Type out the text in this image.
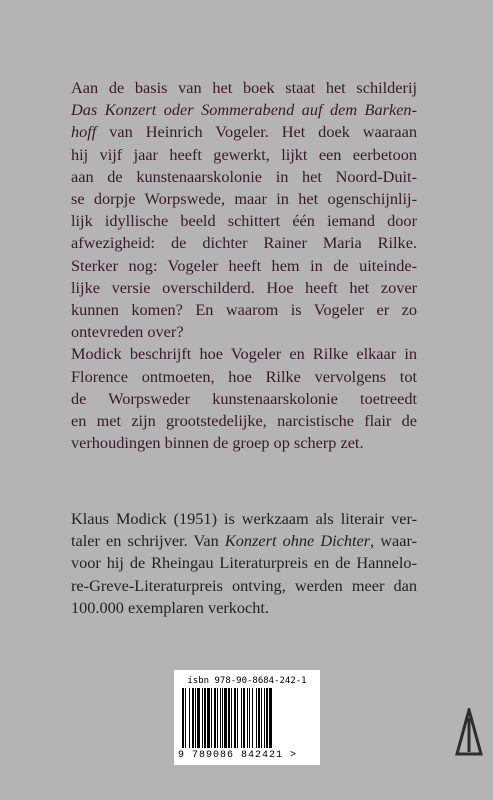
Aan de basis van het boek staat het schilderij
Das Konzert oder Sommerabend auf dem Barken-
hoff van Heinrich Vogeler. Het doek waaraan
hij vijf jaar heeft gewerkt, lijkt een eerbetoon
aan de kunstenaarskolonie in het Noord-Duit-
se dorpje Worpswede, maar in het ogenschijnlij-
lijk idyllische beeld schittert één iemand door
afwezigheid: de dichter Rainer Maria Rilke.
Sterker nog: Vogeler heeft hem in de uiteinde-
lijke versie overschilderd. Hoe heeft het zover
kunnen komen? En waarom is Vogeler er zo
ontevreden over?
Modick beschrijft hoe Vogeler en Rilke elkaar in
Florence ontmoeten, hoe Rilke vervolgens tot
de Worpsweder kunstenaarskolonie toetreedt
en met zijn grootstedelijke, narcistische flair de
verhoudingen binnen de groep op scherp zet.
Klaus Modick (1951) is werkzaam als literair ver-
taler en schrijver. Van Konzert ohne Dichter, waar-
voor hij de Rheingau Literaturpreis en de Hannelo-
re-Greve-Literaturpreis ontving, werden meer dan
100.000 exemplaren verkocht.
isbn 978-90-8684-242-1
9 789086 842421 >
